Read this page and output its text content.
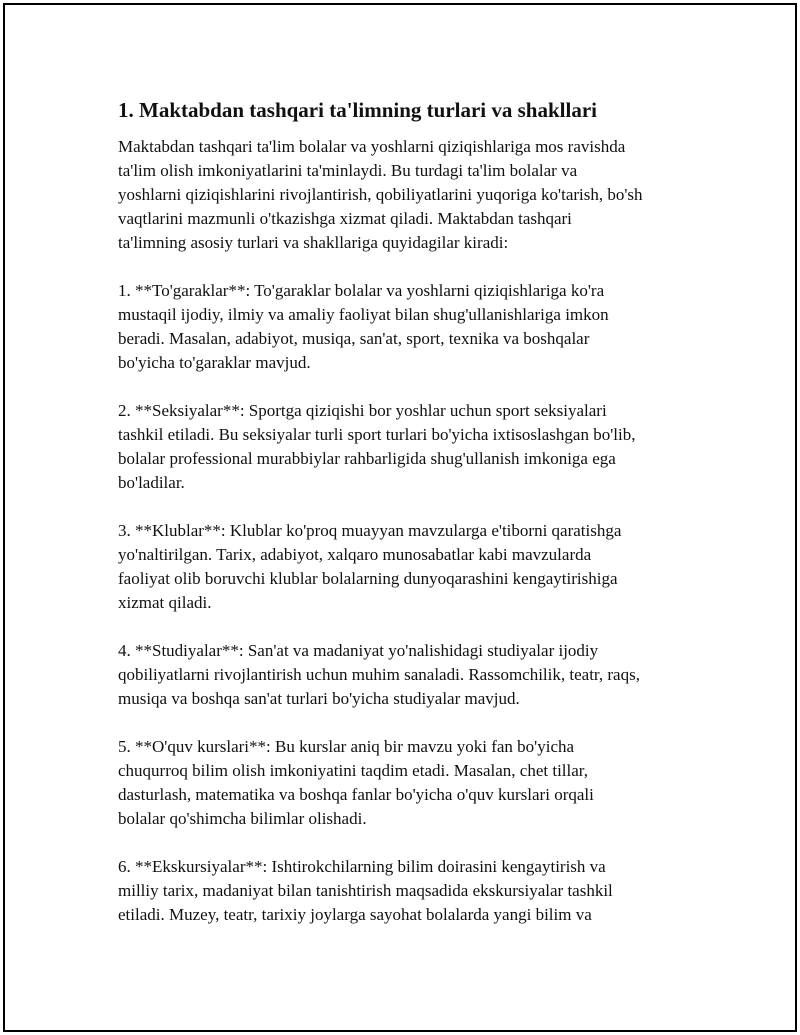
1. Maktabdan tashqari ta'limning turlari va shakllari

Maktabdan tashqari ta'lim bolalar va yoshlarni qiziqishlariga mos ravishda
ta'lim olish imkoniyatlarini ta'minlaydi. Bu turdagi ta'lim bolalar va
yoshlarni qiziqishlarini rivojlantirish, qobiliyatlarini yuqoriga ko'tarish, bo'sh
vaqtlarini mazmunli o'tkazishga xizmat qiladi. Maktabdan tashqari
ta'limning asosiy turlari va shakllariga quyidagilar kiradi:

1. **To'garaklar**: To'garaklar bolalar va yoshlarni qiziqishlariga ko'ra
mustaqil ijodiy, ilmiy va amaliy faoliyat bilan shug'ullanishlariga imkon
beradi. Masalan, adabiyot, musiqa, san'at, sport, texnika va boshqalar
bo'yicha to'garaklar mavjud.

2. **Seksiyalar**: Sportga qiziqishi bor yoshlar uchun sport seksiyalari
tashkil etiladi. Bu seksiyalar turli sport turlari bo'yicha ixtisoslashgan bo'lib,
bolalar professional murabbiylar rahbarligida shug'ullanish imkoniga ega
bo'ladilar.

3. **Klublar**: Klublar ko'proq muayyan mavzularga e'tiborni qaratishga
yo'naltirilgan. Tarix, adabiyot, xalqaro munosabatlar kabi mavzularda
faoliyat olib boruvchi klublar bolalarning dunyoqarashini kengaytirishiga
xizmat qiladi.

4. **Studiyalar**: San'at va madaniyat yo'nalishidagi studiyalar ijodiy
qobiliyatlarni rivojlantirish uchun muhim sanaladi. Rassomchilik, teatr, raqs,
musiqa va boshqa san'at turlari bo'yicha studiyalar mavjud.

5. **O'quv kurslari**: Bu kurslar aniq bir mavzu yoki fan bo'yicha
chuqurroq bilim olish imkoniyatini taqdim etadi. Masalan, chet tillar,
dasturlash, matematika va boshqa fanlar bo'yicha o'quv kurslari orqali
bolalar qo'shimcha bilimlar olishadi.

6. **Ekskursiyalar**: Ishtirokchilarning bilim doirasini kengaytirish va
milliy tarix, madaniyat bilan tanishtirish maqsadida ekskursiyalar tashkil
etiladi. Muzey, teatr, tarixiy joylarga sayohat bolalarda yangi bilim va
